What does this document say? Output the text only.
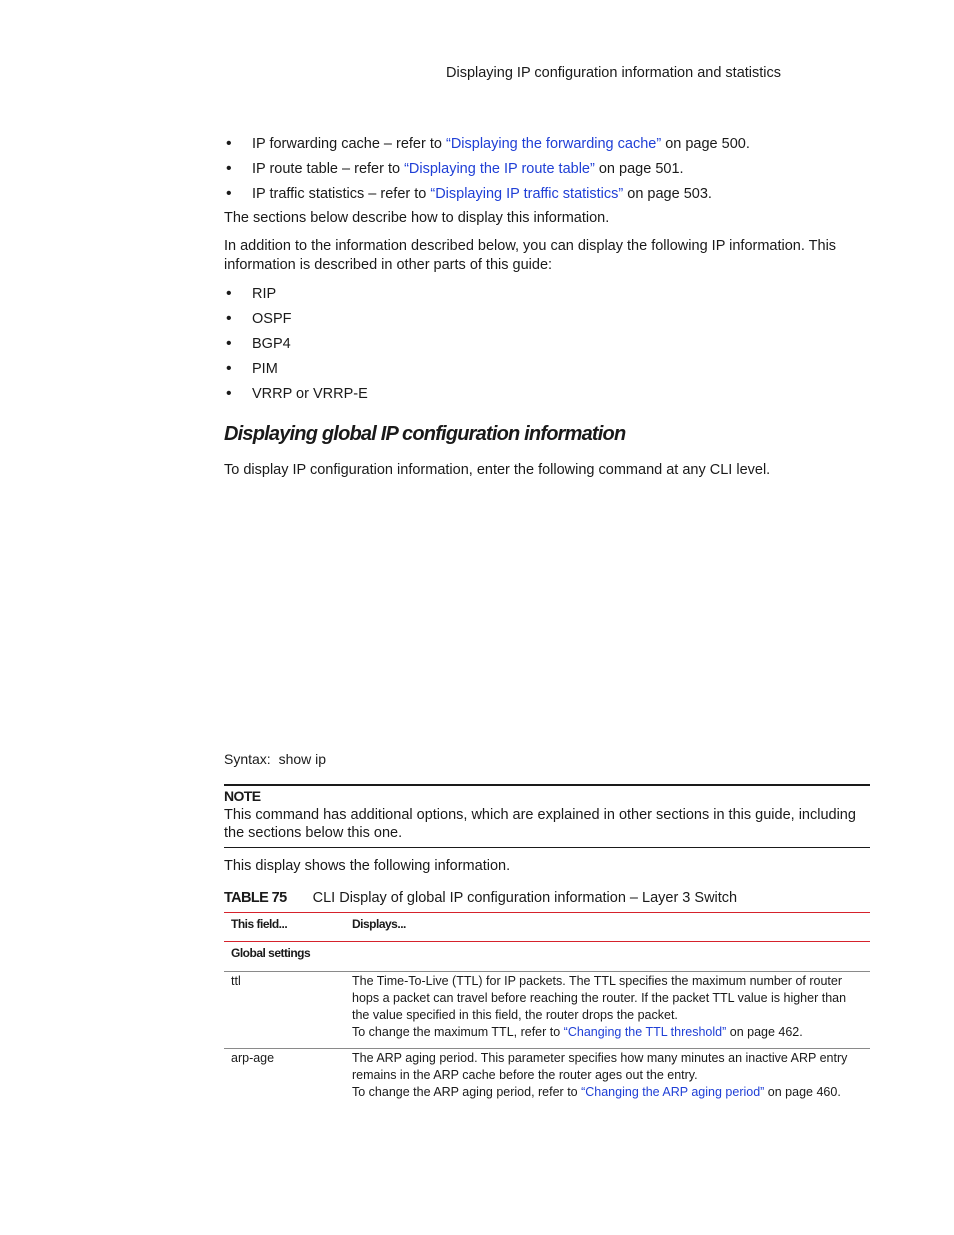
Displaying IP configuration information and statistics
• IP forwarding cache – refer to “Displaying the forwarding cache” on page 500.
• IP route table – refer to “Displaying the IP route table” on page 501.
• IP traffic statistics – refer to “Displaying IP traffic statistics” on page 503.
The sections below describe how to display this information.
In addition to the information described below, you can display the following IP information. This information is described in other parts of this guide:
• RIP
• OSPF
• BGP4
• PIM
• VRRP or VRRP-E
Displaying global IP configuration information
To display IP configuration information, enter the following command at any CLI level.
Syntax: show ip
NOTE
This command has additional options, which are explained in other sections in this guide, including the sections below this one.
This display shows the following information.
TABLE 75 CLI Display of global IP configuration information – Layer 3 Switch
This field...	Displays...
Global settings
ttl	The Time-To-Live (TTL) for IP packets. The TTL specifies the maximum number of router hops a packet can travel before reaching the router. If the packet TTL value is higher than the value specified in this field, the router drops the packet.
To change the maximum TTL, refer to “Changing the TTL threshold” on page 462.
arp-age	The ARP aging period. This parameter specifies how many minutes an inactive ARP entry remains in the ARP cache before the router ages out the entry.
To change the ARP aging period, refer to “Changing the ARP aging period” on page 460.
